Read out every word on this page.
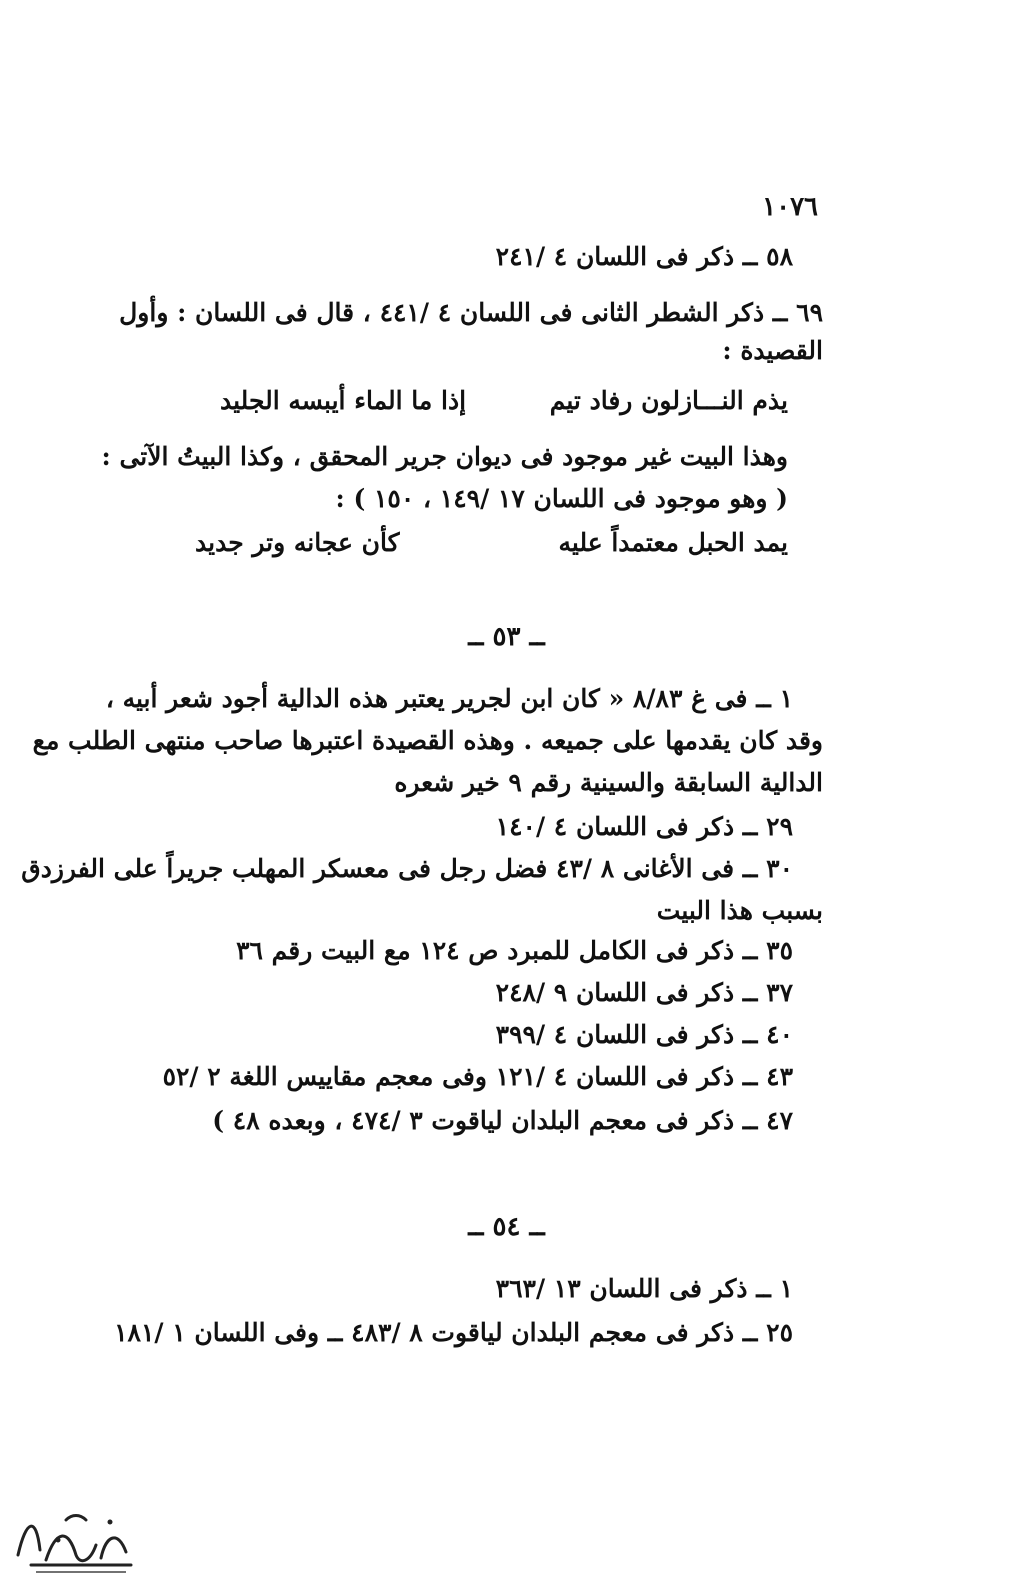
١٠٧٦
٥٨ ــ ذكر فى اللسان ٤ /٢٤١
٦٩ ــ ذكر الشطر الثانى فى اللسان ٤ /٤٤١ ، قال فى اللسان : وأول
القصيدة :
يذم النـــازلون رفاد تيم
إذا ما الماء أيبسه الجليد
وهذا البيت غير موجود فى ديوان جرير المحقق ، وكذا البيتُ الآتى :
( وهو موجود فى اللسان ١٧ /١٤٩ ، ١٥٠ ) :
يمد الحبل معتمداً عليه
كأن عجانه وتر جديد
ــ ٥٣ ــ
١ ــ فى غ ٨/٨٣ « كان ابن لجرير يعتبر هذه الدالية أجود شعر أبيه ،
وقد كان يقدمها على جميعه . وهذه القصيدة اعتبرها صاحب منتهى الطلب مع
الدالية السابقة والسينية رقم ٩ خير شعره
٢٩ ــ ذكر فى اللسان ٤ /١٤٠
٣٠ ــ فى الأغانى ٨ /٤٣ فضل رجل فى معسكر المهلب جريراً على الفرزدق
بسبب هذا البيت
٣٥ ــ ذكر فى الكامل للمبرد ص ١٢٤ مع البيت رقم ٣٦
٣٧ ــ ذكر فى اللسان ٩ /٢٤٨
٤٠ ــ ذكر فى اللسان ٤ /٣٩٩
٤٣ ــ ذكر فى اللسان ٤ /١٢١ وفى معجم مقاييس اللغة ٢ /٥٢
٤٧ ــ ذكر فى معجم البلدان لياقوت ٣ /٤٧٤ ، وبعده ٤٨ )
ــ ٥٤ ــ
١ ــ ذكر فى اللسان ١٣ /٣٦٣
٢٥ ــ ذكر فى معجم البلدان لياقوت ٨ /٤٨٣ ــ وفى اللسان ١ /١٨١
